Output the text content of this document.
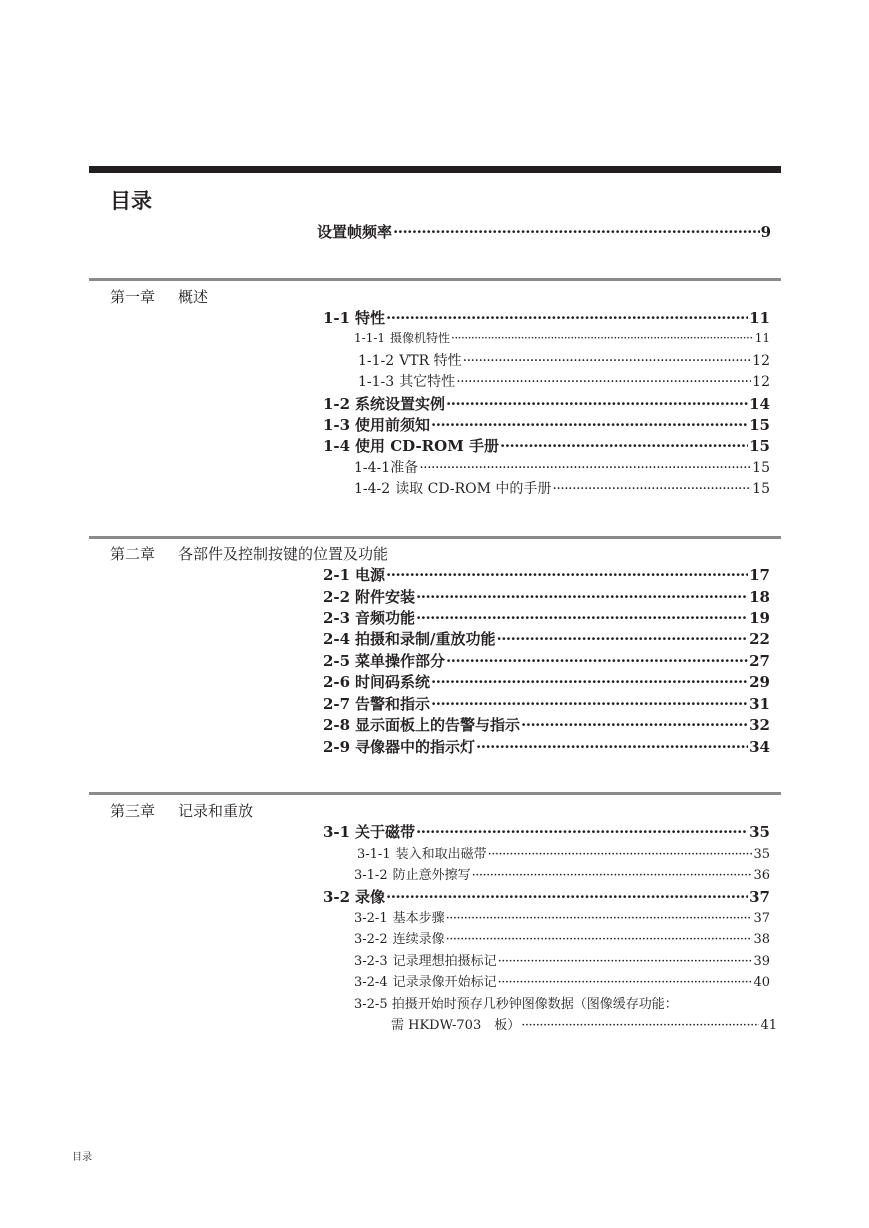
目录
设置帧频率 ·····	9
第一章 概述
1-1 特性 ·····	11
1-1-1 摄像机特性 ·····	11
1-1-2 VTR 特性 ·····	12
1-1-3 其它特性 ·····	12
1-2 系统设置实例 ·····	14
1-3 使用前须知 ·····	15
1-4 使用 CD-ROM 手册 ·····	15
1-4-1准备 ·····	15
1-4-2 读取 CD-ROM 中的手册 ·····	15
第二章 各部件及控制按键的位置及功能
2-1 电源 ·····	17
2-2 附件安装 ·····	18
2-3 音频功能 ·····	19
2-4 拍摄和录制/重放功能 ·····	22
2-5 菜单操作部分 ·····	27
2-6 时间码系统 ·····	29
2-7 告警和指示 ·····	31
2-8 显示面板上的告警与指示 ·····	32
2-9 寻像器中的指示灯 ·····	34
第三章 记录和重放
3-1 关于磁带 ·····	35
3-1-1 装入和取出磁带 ·····	35
3-1-2 防止意外擦写 ·····	36
3-2 录像 ·····	37
3-2-1 基本步骤 ·····	37
3-2-2 连续录像 ·····	38
3-2-3 记录理想拍摄标记 ·····	39
3-2-4 记录录像开始标记 ·····	40
3-2-5 拍摄开始时预存几秒钟图像数据（图像缓存功能：
需 HKDW-703　板） ·····	41
目录
